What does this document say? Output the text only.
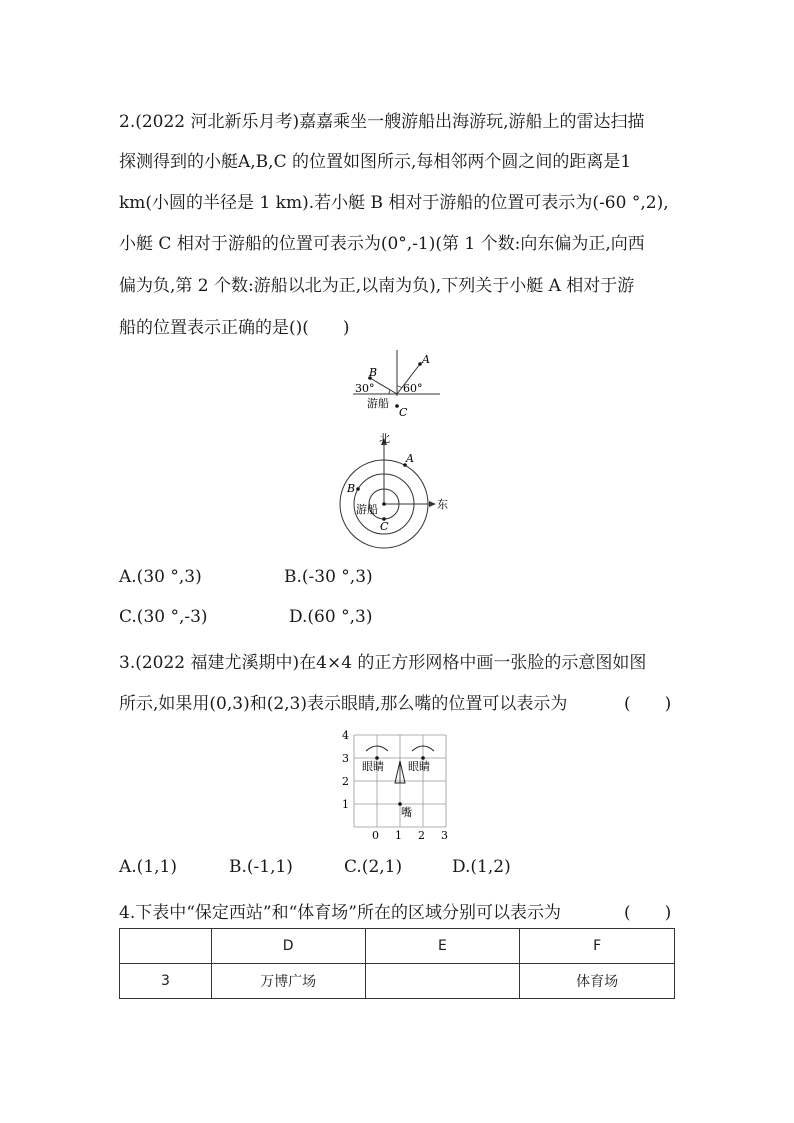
2.(2022 河北新乐月考)嘉嘉乘坐一艘游船出海游玩,游船上的雷达扫描
探测得到的小艇A,B,C 的位置如图所示,每相邻两个圆之间的距离是1
km(小圆的半径是 1 km).若小艇 B 相对于游船的位置可表示为(-60 °,2),
小艇 C 相对于游船的位置可表示为(0°,-1)(第 1 个数:向东偏为正,向西
偏为负,第 2 个数:游船以北为正,以南为负),下列关于小艇 A 相对于游
船的位置表示正确的是()(　　)
B
A
C
30°	60°
游船
北
东
A
B
C
游船
A.(30 °,3)	B.(-30 °,3)
C.(30 °,-3)	D.(60 °,3)
3.(2022 福建尤溪期中)在4×4 的正方形网格中画一张脸的示意图如图
所示,如果用(0,3)和(2,3)表示眼睛,那么嘴的位置可以表示为	(　　)
眼睛 眼睛
嘴
4
3
2
1
0 1 2 3
A.(1,1)	B.(-1,1)	C.(2,1)	D.(1,2)
4.下表中“保定西站”和“体育场”所在的区域分别可以表示为	(　　)
	D	E	F
3	万博广场		体育场
